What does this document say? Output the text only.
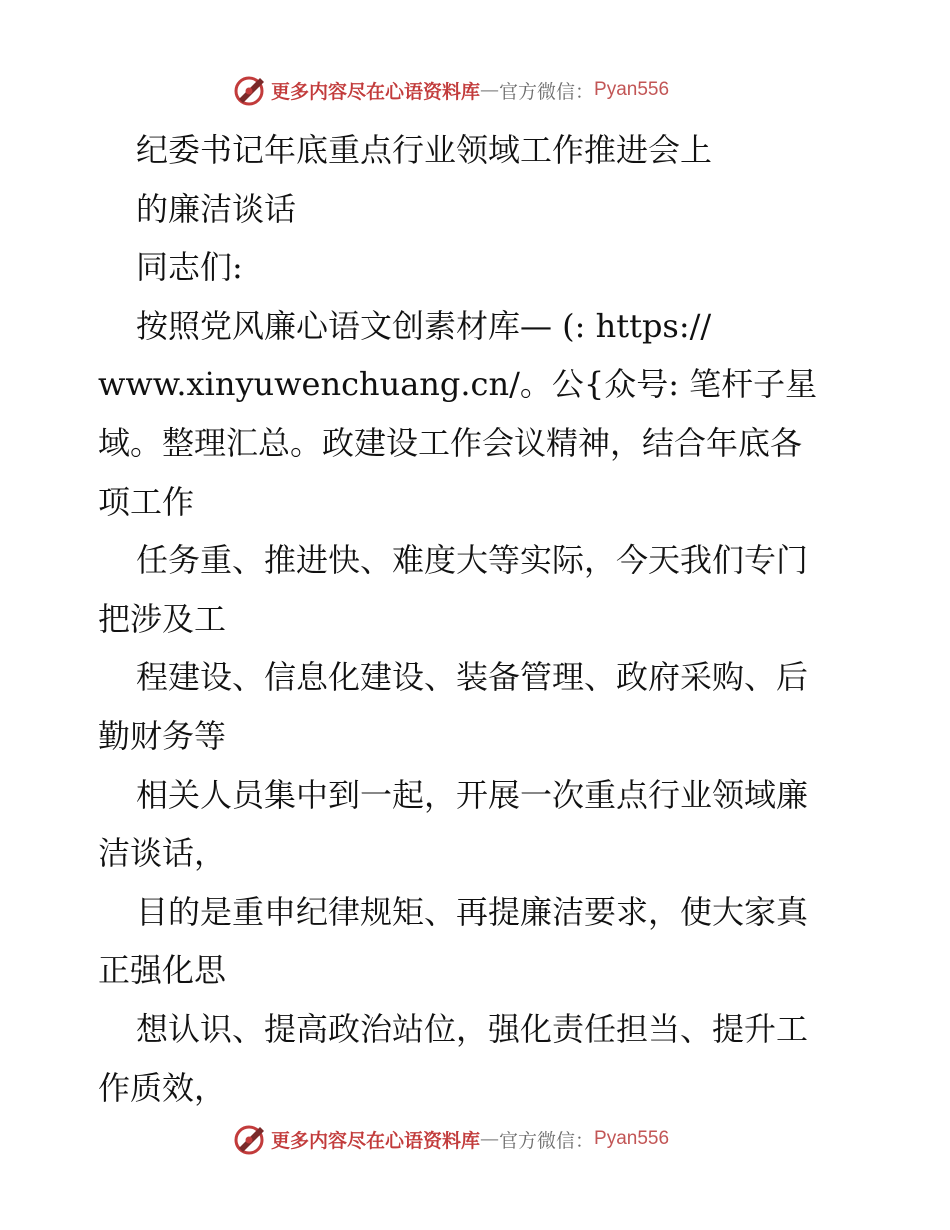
更多内容尽在心语资料库 — 官方微信： Pyan556
纪委书记年底重点行业领域工作推进会上
的廉洁谈话
同志们:
按照党风廉心语文创素材库— (: https://
www.xinyuwenchuang.cn/。公{众号: 笔杆子星
域。整理汇总。政建设工作会议精神，结合年底各
项工作
任务重、推进快、难度大等实际，今天我们专门
把涉及工
程建设、信息化建设、装备管理、政府采购、后
勤财务等
相关人员集中到一起，开展一次重点行业领域廉
洁谈话，
目的是重申纪律规矩、再提廉洁要求，使大家真
正强化思
想认识、提高政治站位，强化责任担当、提升工
作质效，
更多内容尽在心语资料库 — 官方微信： Pyan556
